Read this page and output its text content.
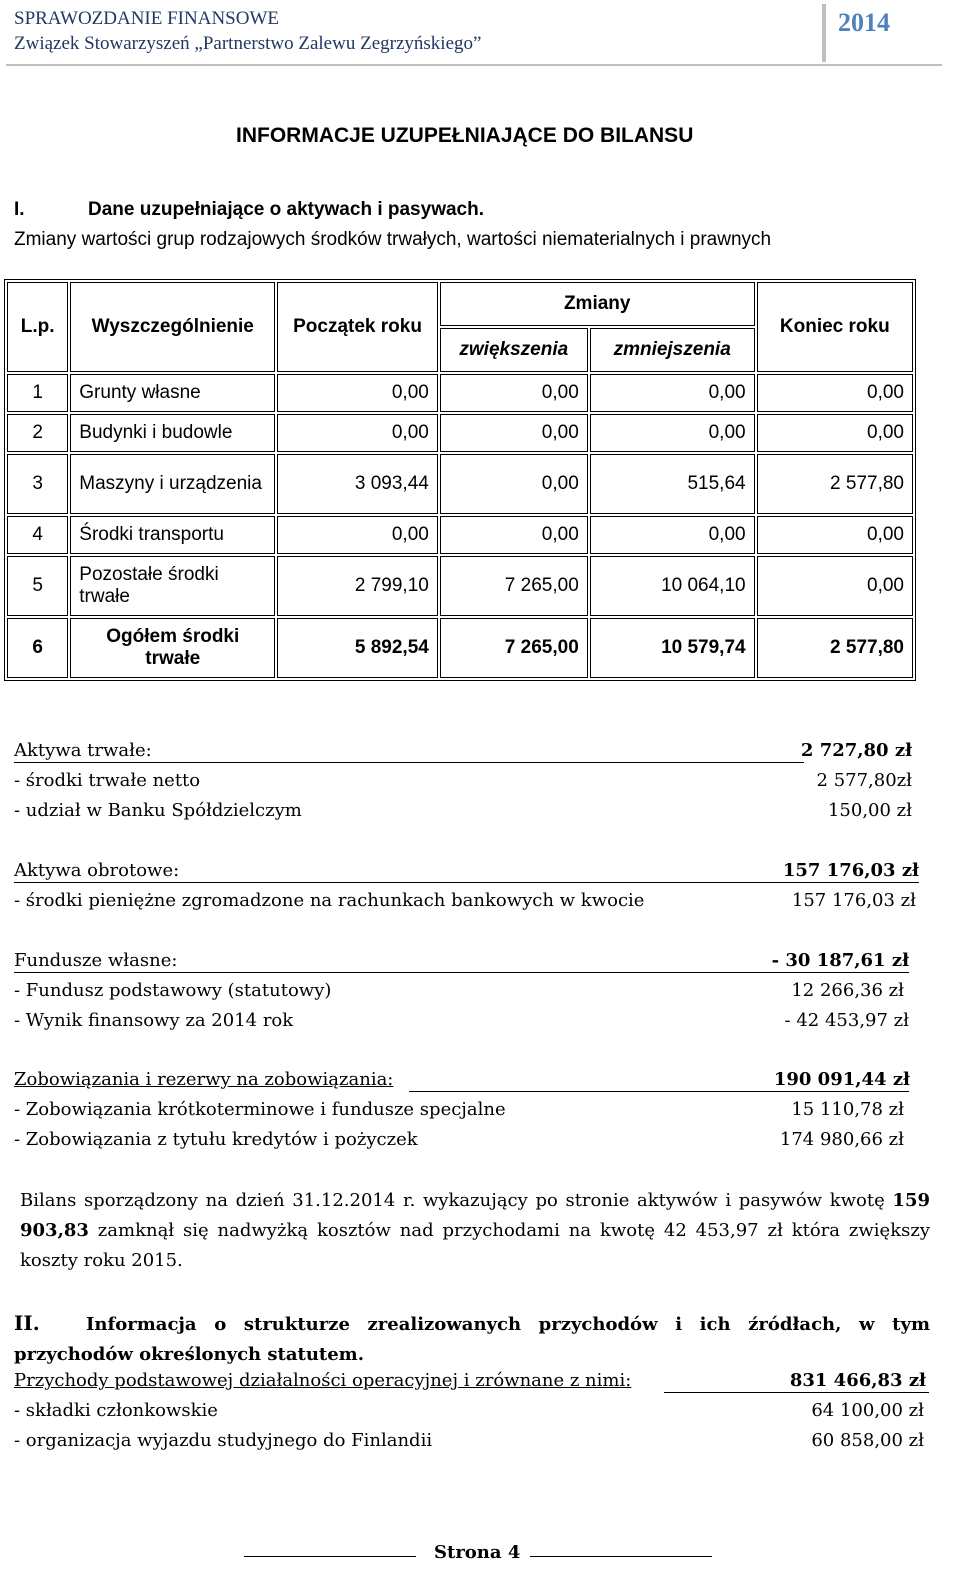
SPRAWOZDANIE FINANSOWE
Związek Stowarzyszeń „Partnerstwo Zalewu Zegrzyńskiego”
2014
INFORMACJE UZUPEŁNIAJĄCE DO BILANSU
I.	Dane uzupełniające o aktywach i pasywach.
Zmiany wartości grup rodzajowych środków trwałych, wartości niematerialnych i prawnych
L.p.	Wyszczególnienie	Początek roku	Zmiany		Koniec roku
			zwiększenia	zmniejszenia	
1	Grunty własne	0,00	0,00	0,00	0,00
2	Budynki i budowle	0,00	0,00	0,00	0,00
3	Maszyny i urządzenia	3 093,44	0,00	515,64	2 577,80
4	Środki transportu	0,00	0,00	0,00	0,00
5	Pozostałe środki trwałe	2 799,10	7 265,00	10 064,10	0,00
6	Ogółem środki trwałe	5 892,54	7 265,00	10 579,74	2 577,80
Aktywa trwałe:	2 727,80 zł
- środki trwałe netto	2 577,80zł
- udział w Banku Spółdzielczym	150,00 zł
Aktywa obrotowe:	157 176,03 zł
- środki pieniężne zgromadzone na rachunkach bankowych w kwocie	157 176,03 zł
Fundusze własne:	- 30 187,61 zł
- Fundusz podstawowy (statutowy)	12 266,36 zł
- Wynik finansowy za 2014 rok	- 42 453,97 zł
Zobowiązania i rezerwy na zobowiązania:	190 091,44 zł
- Zobowiązania krótkoterminowe i fundusze specjalne	15 110,78 zł
- Zobowiązania z tytułu kredytów i pożyczek	174 980,66 zł
Bilans sporządzony na dzień 31.12.2014 r. wykazujący po stronie aktywów i pasywów kwotę 159 903,83 zamknął się nadwyżką kosztów nad przychodami na kwotę 42 453,97 zł która zwiększy koszty roku 2015.
II.	Informacja o strukturze zrealizowanych przychodów i ich źródłach, w tym przychodów określonych statutem.
Przychody podstawowej działalności operacyjnej i zrównane z nimi:	831 466,83 zł
- składki członkowskie	64 100,00 zł
- organizacja wyjazdu studyjnego do Finlandii	60 858,00 zł
Strona 4
